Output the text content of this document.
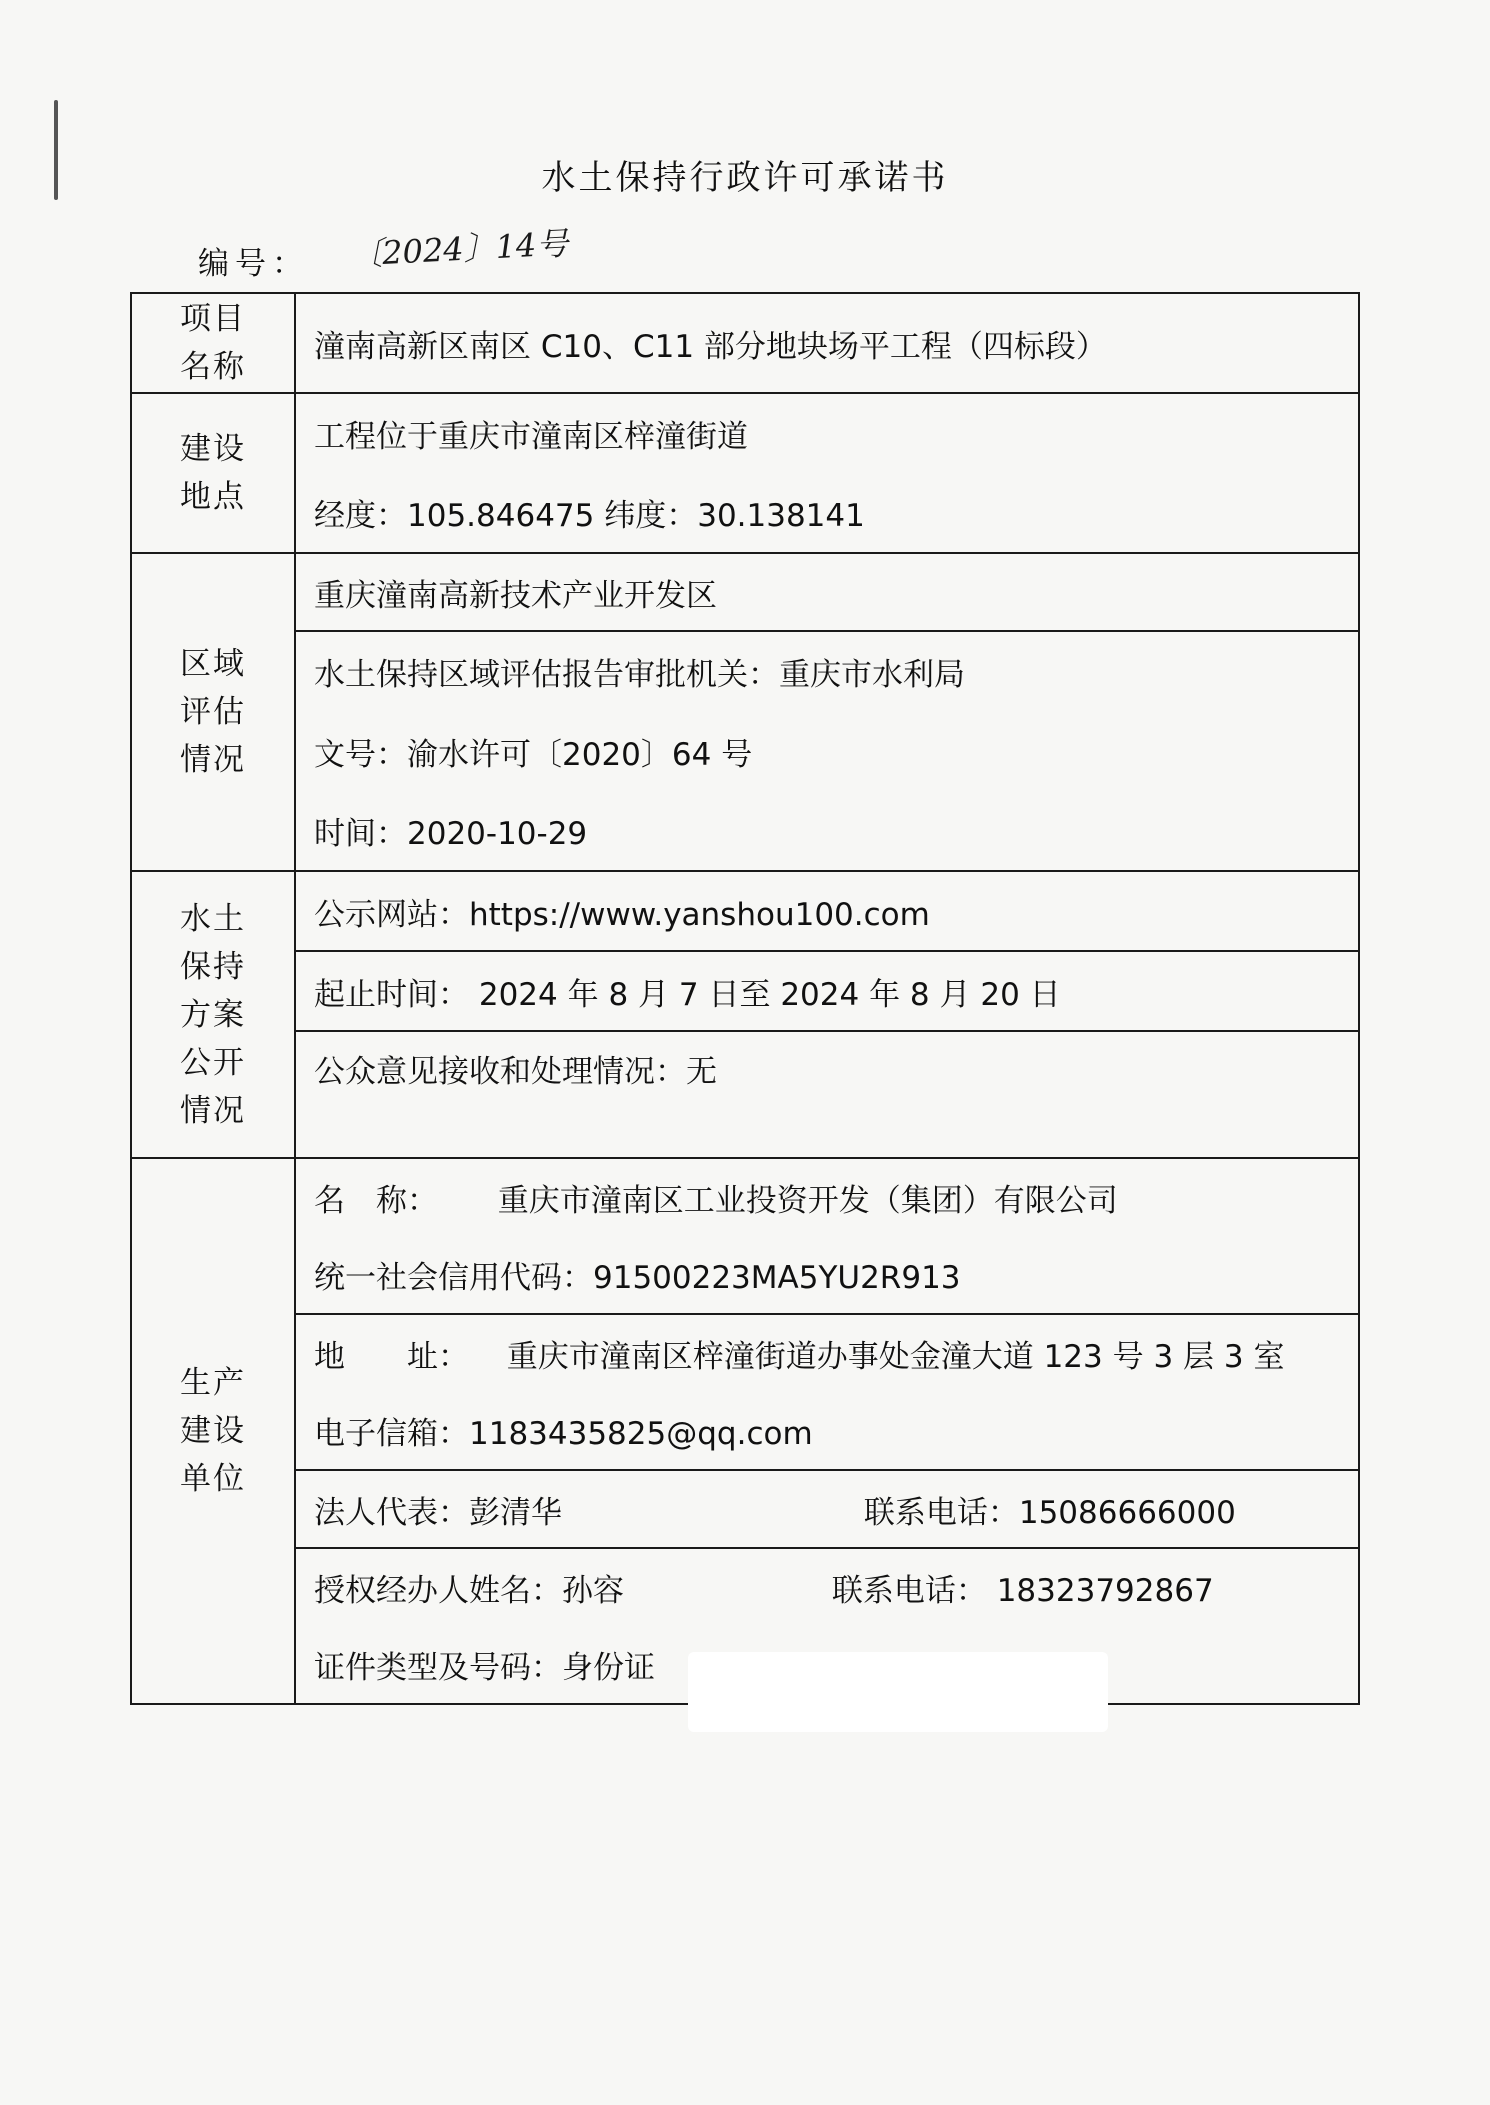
水土保持行政许可承诺书
编号： 〔2024〕14号
项目
名称	潼南高新区南区 C10、C11 部分地块场平工程（四标段）
建设
地点	工程位于重庆市潼南区梓潼街道
	经度：105.846475 纬度：30.138141
区域
评估
情况	重庆潼南高新技术产业开发区
	水土保持区域评估报告审批机关：重庆市水利局
	文号：渝水许可〔2020〕64 号
	时间：2020-10-29
水土
保持
方案
公开
情况	公示网站：https://www.yanshou100.com
	起止时间： 2024 年 8 月 7 日至 2024 年 8 月 20 日
	公众意见接收和处理情况：无
生产
建设
单位	名　称： 重庆市潼南区工业投资开发（集团）有限公司
	统一社会信用代码：91500223MA5YU2R913
	地　　址： 重庆市潼南区梓潼街道办事处金潼大道 123 号 3 层 3 室
	电子信箱：1183435825@qq.com
	法人代表：彭清华 联系电话：15086666000
	授权经办人姓名：孙容 联系电话： 18323792867
	证件类型及号码：身份证
